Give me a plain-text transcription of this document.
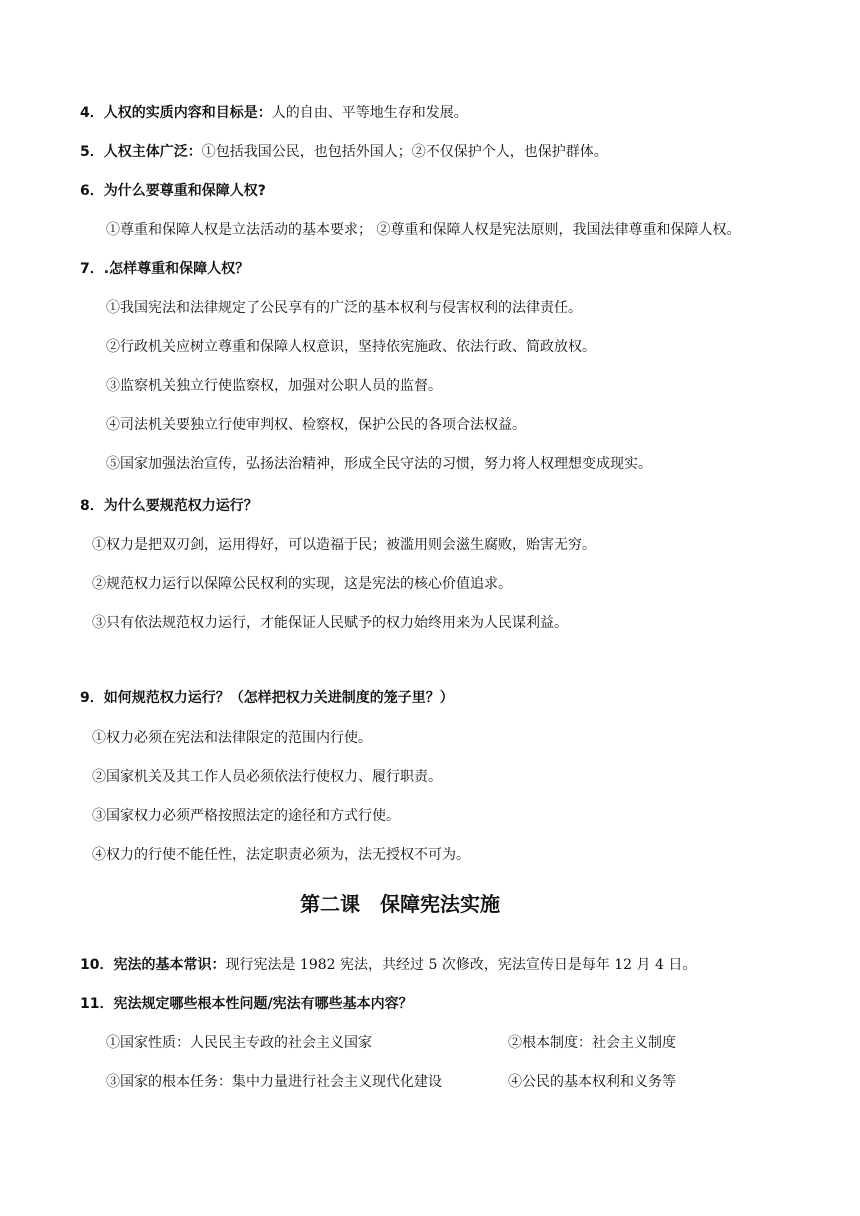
4．人权的实质内容和目标是：人的自由、平等地生存和发展。
5．人权主体广泛：①包括我国公民，也包括外国人；②不仅保护个人，也保护群体。
6．为什么要尊重和保障人权?
①尊重和保障人权是立法活动的基本要求； ②尊重和保障人权是宪法原则，我国法律尊重和保障人权。
7．.怎样尊重和保障人权？
①我国宪法和法律规定了公民享有的广泛的基本权利与侵害权利的法律责任。
②行政机关应树立尊重和保障人权意识，坚持依宪施政、依法行政、简政放权。
③监察机关独立行使监察权，加强对公职人员的监督。
④司法机关要独立行使审判权、检察权，保护公民的各项合法权益。
⑤国家加强法治宣传，弘扬法治精神，形成全民守法的习惯，努力将人权理想变成现实。
8．为什么要规范权力运行？
①权力是把双刃剑，运用得好，可以造福于民；被滥用则会滋生腐败，贻害无穷。
②规范权力运行以保障公民权利的实现，这是宪法的核心价值追求。
③只有依法规范权力运行，才能保证人民赋予的权力始终用来为人民谋利益。
9．如何规范权力运行？（怎样把权力关进制度的笼子里？）
①权力必须在宪法和法律限定的范围内行使。
②国家机关及其工作人员必须依法行使权力、履行职责。
③国家权力必须严格按照法定的途径和方式行使。
④权力的行使不能任性，法定职责必须为，法无授权不可为。
第二课　保障宪法实施
10．宪法的基本常识：现行宪法是 1982 宪法，共经过 5 次修改，宪法宣传日是每年 12 月 4 日。
11．宪法规定哪些根本性问题/宪法有哪些基本内容？
①国家性质：人民民主专政的社会主义国家	②根本制度：社会主义制度
③国家的根本任务：集中力量进行社会主义现代化建设	④公民的基本权利和义务等
